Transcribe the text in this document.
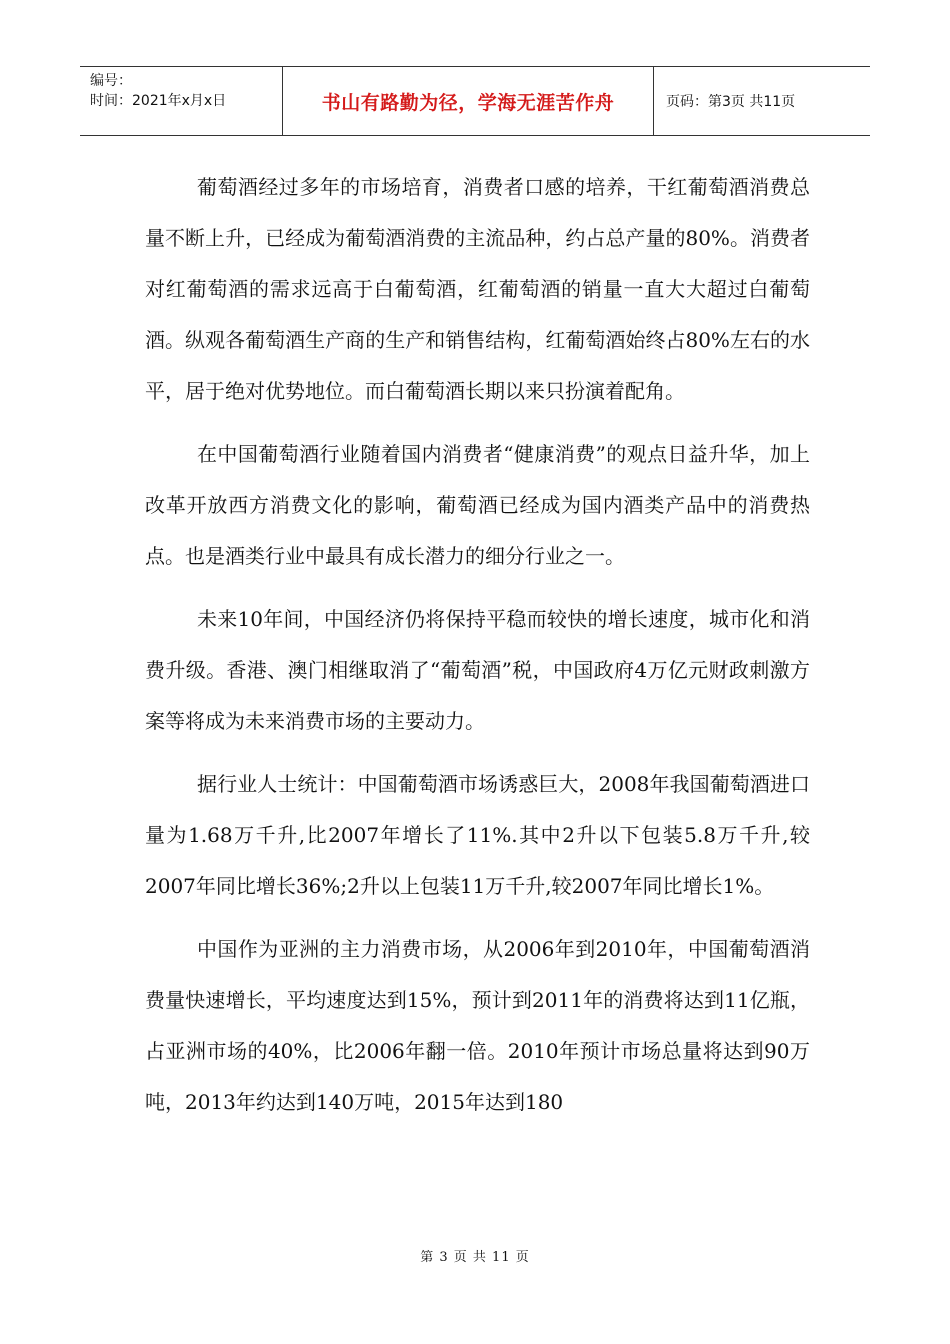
编号：
时间：2021年x月x日	书山有路勤为径，学海无涯苦作舟	页码：第3页 共11页

葡萄酒经过多年的市场培育，消费者口感的培养，干红葡萄酒消费总量不断上升，已经成为葡萄酒消费的主流品种，约占总产量的80%。消费者对红葡萄酒的需求远高于白葡萄酒，红葡萄酒的销量一直大大超过白葡萄酒。纵观各葡萄酒生产商的生产和销售结构，红葡萄酒始终占80%左右的水平，居于绝对优势地位。而白葡萄酒长期以来只扮演着配角。

在中国葡萄酒行业随着国内消费者“健康消费”的观点日益升华，加上改革开放西方消费文化的影响，葡萄酒已经成为国内酒类产品中的消费热点。也是酒类行业中最具有成长潜力的细分行业之一。

未来10年间，中国经济仍将保持平稳而较快的增长速度，城市化和消费升级。香港、澳门相继取消了“葡萄酒”税，中国政府4万亿元财政刺激方案等将成为未来消费市场的主要动力。

据行业人士统计：中国葡萄酒市场诱惑巨大，2008年我国葡萄酒进口量为1.68万千升,比2007年增长了11%.其中2升以下包装5.8万千升,较2007年同比增长36%;2升以上包装11万千升,较2007年同比增长1%。

中国作为亚洲的主力消费市场，从2006年到2010年，中国葡萄酒消费量快速增长，平均速度达到15%，预计到2011年的消费将达到11亿瓶，占亚洲市场的40%，比2006年翻一倍。2010年预计市场总量将达到90万吨，2013年约达到140万吨，2015年达到180

第 3 页 共 11 页
